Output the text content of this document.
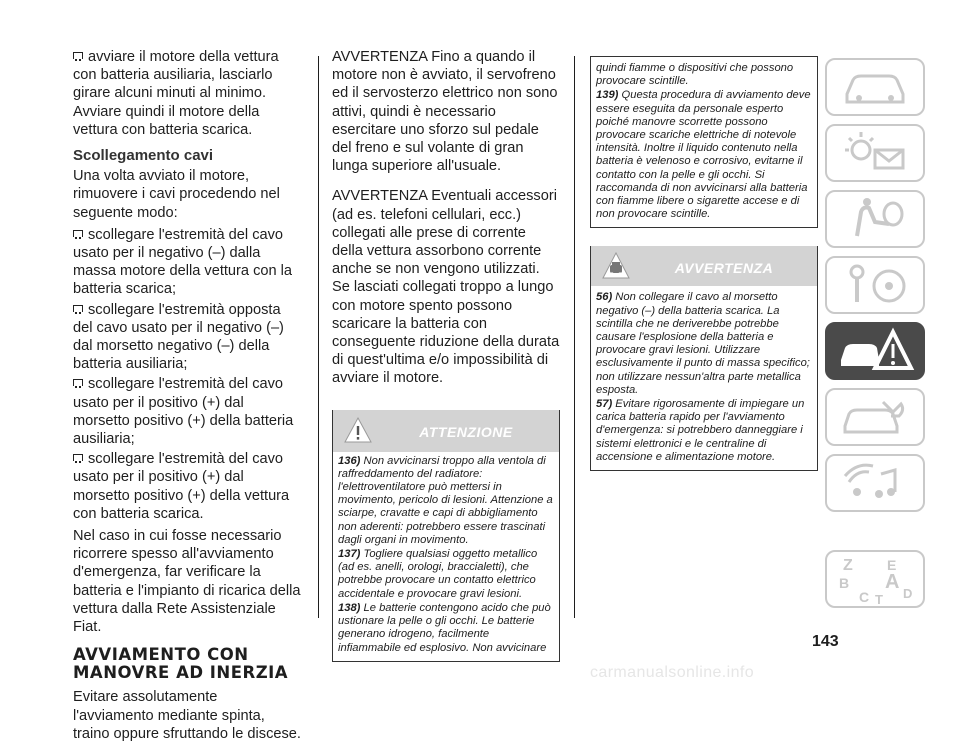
avviare il motore della vettura con batteria ausiliaria, lasciarlo girare alcuni minuti al minimo. Avviare quindi il motore della vettura con batteria scarica.

Scollegamento cavi

Una volta avviato il motore, rimuovere i cavi procedendo nel seguente modo:

scollegare l'estremità del cavo usato per il negativo (–) dalla massa motore della vettura con la batteria scarica;

scollegare l'estremità opposta del cavo usato per il negativo (–) dal morsetto negativo (–) della batteria ausiliaria;

scollegare l'estremità del cavo usato per il positivo (+) dal morsetto positivo (+) della batteria ausiliaria;

scollegare l'estremità del cavo usato per il positivo (+) dal morsetto positivo (+) della vettura con batteria scarica.

Nel caso in cui fosse necessario ricorrere spesso all'avviamento d'emergenza, far verificare la batteria e l'impianto di ricarica della vettura dalla Rete Assistenziale Fiat.

AVVIAMENTO CON MANOVRE AD INERZIA

Evitare assolutamente l'avviamento mediante spinta, traino oppure sfruttando le discese.

AVVERTENZA Fino a quando il motore non è avviato, il servofreno ed il servosterzo elettrico non sono attivi, quindi è necessario esercitare uno sforzo sul pedale del freno e sul volante di gran lunga superiore all'usuale.

AVVERTENZA Eventuali accessori (ad es. telefoni cellulari, ecc.) collegati alle prese di corrente della vettura assorbono corrente anche se non vengono utilizzati. Se lasciati collegati troppo a lungo con motore spento possono scaricare la batteria con conseguente riduzione della durata di quest'ultima e/o impossibilità di avviare il motore.

ATTENZIONE

136) Non avvicinarsi troppo alla ventola di raffreddamento del radiatore: l'elettroventilatore può mettersi in movimento, pericolo di lesioni. Attenzione a sciarpe, cravatte e capi di abbigliamento non aderenti: potrebbero essere trascinati dagli organi in movimento.

137) Togliere qualsiasi oggetto metallico (ad es. anelli, orologi, braccialetti), che potrebbe provocare un contatto elettrico accidentale e provocare gravi lesioni.

138) Le batterie contengono acido che può ustionare la pelle o gli occhi. Le batterie generano idrogeno, facilmente infiammabile ed esplosivo. Non avvicinare

quindi fiamme o dispositivi che possono provocare scintille.

139) Questa procedura di avviamento deve essere eseguita da personale esperto poiché manovre scorrette possono provocare scariche elettriche di notevole intensità. Inoltre il liquido contenuto nella batteria è velenoso e corrosivo, evitarne il contatto con la pelle e gli occhi. Si raccomanda di non avvicinarsi alla batteria con fiamme libere o sigarette accese e di non provocare scintille.

AVVERTENZA

56) Non collegare il cavo al morsetto negativo (–) della batteria scarica. La scintilla che ne deriverebbe potrebbe causare l'esplosione della batteria e provocare gravi lesioni. Utilizzare esclusivamente il punto di massa specifico; non utilizzare nessun'altra parte metallica esposta.

57) Evitare rigorosamente di impiegare un carica batteria rapido per l'avviamento d'emergenza: si potrebbero danneggiare i sistemi elettronici e le centraline di accensione e alimentazione motore.

Z E
B A
C	D
T
143
carmanualsonline.info
